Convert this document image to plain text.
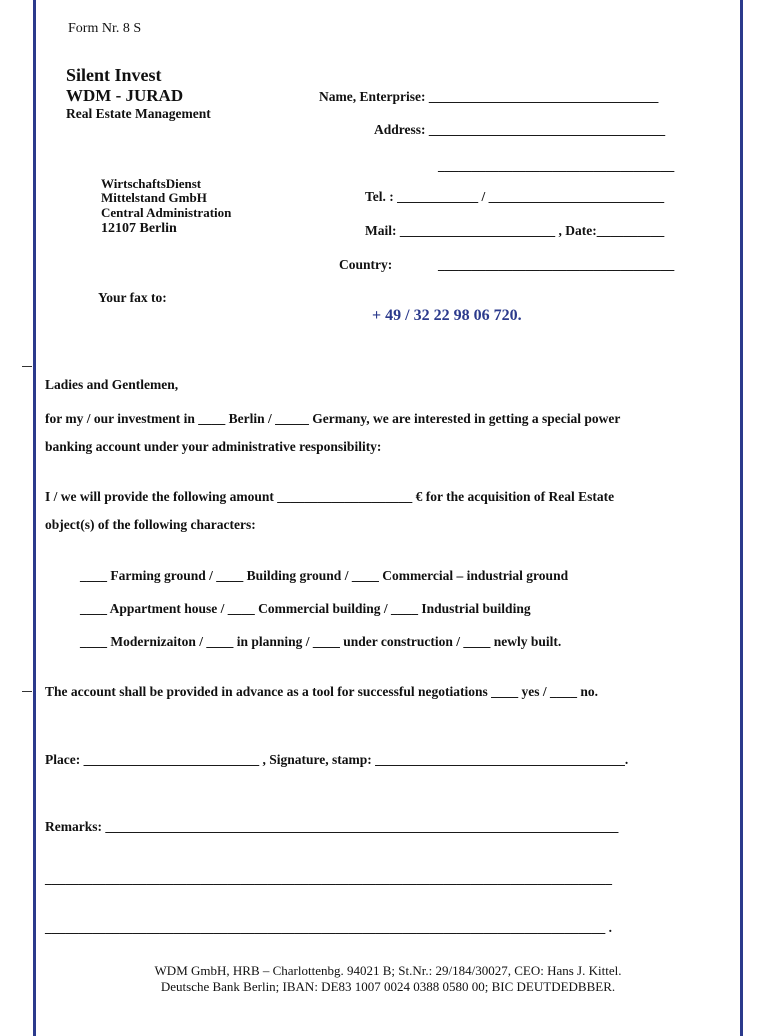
Form Nr. 8 S
Silent Invest
WDM - JURAD
Real Estate Management
WirtschaftsDienst
Mittelstand GmbH
Central Administration
12107 Berlin
Name, Enterprise: __________________________________
Address: ___________________________________
___________________________________
Tel. : ____________ / __________________________
Mail: _______________________ , Date:__________
Country:	___________________________________
Your fax to:
+ 49 / 32 22 98 06 720.
Ladies and Gentlemen,
for my / our investment in ____ Berlin / _____ Germany, we are interested in getting a special power
banking account under your administrative responsibility:
I / we will provide the following amount ____________________ € for the acquisition of Real Estate
object(s) of the following characters:
____ Farming ground / ____ Building ground / ____ Commercial – industrial ground
____ Appartment house / ____ Commercial building / ____ Industrial building
____ Modernizaiton / ____ in planning / ____ under construction / ____ newly built.
The account shall be provided in advance as a tool for successful negotiations ____ yes / ____ no.
Place: __________________________ , Signature, stamp: _____________________________________.
Remarks: ____________________________________________________________________________
____________________________________________________________________________________
___________________________________________________________________________________ .
WDM GmbH, HRB – Charlottenbg. 94021 B; St.Nr.: 29/184/30027, CEO: Hans J. Kittel.
Deutsche Bank Berlin; IBAN: DE83 1007 0024 0388 0580 00; BIC DEUTDEDBBER.
